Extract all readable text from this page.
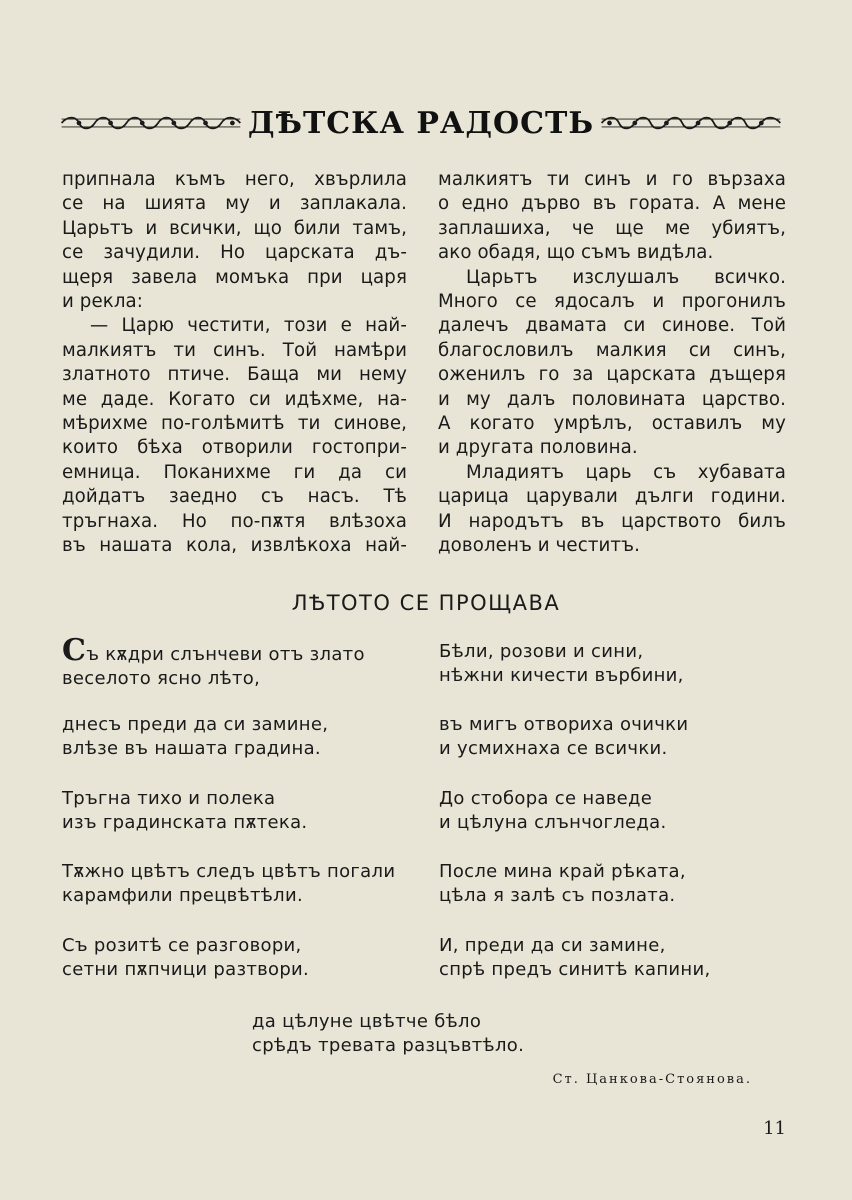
ДѢТСКА РАДОСТЬ
припнала къмъ него, хвърлила
се на шията му и заплакала.
Царьтъ и всички, що били тамъ,
се зачудили. Но царската дъ-
щеря завела момъка при царя
и рекла:
— Царю честити, този е най-
малкиятъ ти синъ. Той намѣри
златното птиче. Баща ми нему
ме даде. Когато си идѣхме, на-
мѣрихме по-голѣмитѣ ти синове,
които бѣха отворили гостопри-
емница. Поканихме ги да си
дойдатъ заедно съ насъ. Тѣ
тръгнаха. Но по-пѫтя влѣзоха
въ нашата кола, извлѣкоха най-
малкиятъ ти синъ и го вързаха
о едно дърво въ гората. А мене
заплашиха, че ще ме убиятъ,
ако обадя, що съмъ видѣла.
Царьтъ изслушалъ всичко.
Много се ядосалъ и прогонилъ
далечъ двамата си синове. Той
благословилъ малкия си синъ,
оженилъ го за царската дъщеря
и му далъ половината царство.
А когато умрѣлъ, оставилъ му
и другата половина.
Младиятъ царь съ хубавата
царица царували дълги години.
И народътъ въ царството билъ
доволенъ и честитъ.
ЛѢТОТО СЕ ПРОЩАВА
Съ кѫдри слънчеви отъ злато
веселото ясно лѣто,
днесъ преди да си замине,
влѣзе въ нашата градина.
Тръгна тихо и полека
изъ градинската пѫтека.
Тѫжно цвѣтъ следъ цвѣтъ погали
карамфили прецвѣтѣли.
Съ розитѣ се разговори,
сетни пѫпчици разтвори.
Бѣли, розови и сини,
нѣжни кичести върбини,
въ мигъ отвориха очички
и усмихнаха се всички.
До стобора се наведе
и цѣлуна слънчогледа.
После мина край рѣката,
цѣла я залѣ съ позлата.
И, преди да си замине,
спрѣ предъ синитѣ капини,
да цѣлуне цвѣтче бѣло
срѣдъ тревата разцъвтѣло.
Ст. Цанкова-Стоянова.
11
